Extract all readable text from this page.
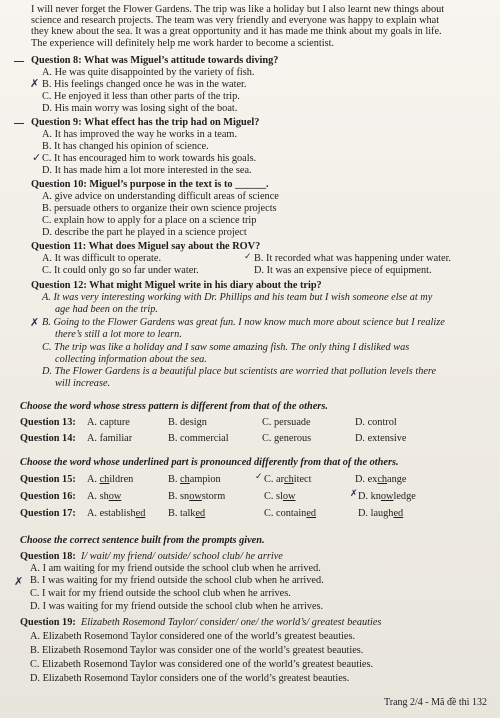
I will never forget the Flower Gardens. The trip was like a holiday but I also learnt new things about
science and research projects. The team was very friendly and everyone was happy to explain what
they knew about the sea. It was a great opportunity and it has made me think about my goals in life.
The experience will definitely help me work harder to become a scientist.
Question 8: What was Miguel’s attitude towards diving?
A. He was quite disappointed by the variety of fish.
✗ B. His feelings changed once he was in the water.
C. He enjoyed it less than other parts of the trip.
D. His main worry was losing sight of the boat.
Question 9: What effect has the trip had on Miguel?
A. It has improved the way he works in a team.
B. It has changed his opinion of science.
✓ C. It has encouraged him to work towards his goals.
D. It has made him a lot more interested in the sea.
Question 10: Miguel’s purpose in the text is to ______.
A. give advice on understanding difficult areas of science
B. persuade others to organize their own science projects
C. explain how to apply for a place on a science trip
D. describe the part he played in a science project
Question 11: What does Miguel say about the ROV?
A. It was difficult to operate.	✓ B. It recorded what was happening under water.
C. It could only go so far under water.	D. It was an expensive piece of equipment.
Question 12: What might Miguel write in his diary about the trip?
A. It was very interesting working with Dr. Phillips and his team but I wish someone else at my
age had been on the trip.
✗ B. Going to the Flower Gardens was great fun. I now know much more about science but I realize
there’s still a lot more to learn.
C. The trip was like a holiday and I saw some amazing fish. The only thing I disliked was
collecting information about the sea.
D. The Flower Gardens is a beautiful place but scientists are worried that pollution levels there
will increase.
Choose the word whose stress pattern is different from that of the others.
Question 13: A. capture	B. design	C. persuade	D. control
Question 14: A. familiar	B. commercial	C. generous	D. extensive
Choose the word whose underlined part is pronounced differently from that of the others.
Question 15: A. children	B. champion	✓ C. architect	D. exchange
Question 16: A. show	B. snowstorm	C. slow	✗ D. knowledge
Question 17: A. established B. talked	C. contained	D. laughed
Choose the correct sentence built from the prompts given.
Question 18: I/ wait/ my friend/ outside/ school club/ he arrive
A. I am waiting for my friend outside the school club when he arrived.
✗ B. I was waiting for my friend outside the school club when he arrived.
C. I wait for my friend outside the school club when he arrives.
D. I was waiting for my friend outside the school club when he arrives.
Question 19: Elizabeth Rosemond Taylor/ consider/ one/ the world’s/ greatest beauties
A. Elizabeth Rosemond Taylor considered one of the world’s greatest beauties.
B. Elizabeth Rosemond Taylor was consider one of the world’s greatest beauties.
C. Elizabeth Rosemond Taylor was considered one of the world’s greatest beauties.
D. Elizabeth Rosemond Taylor considers one of the world’s greatest beauties.
Trang 2/4 - Mã đề thi 132
